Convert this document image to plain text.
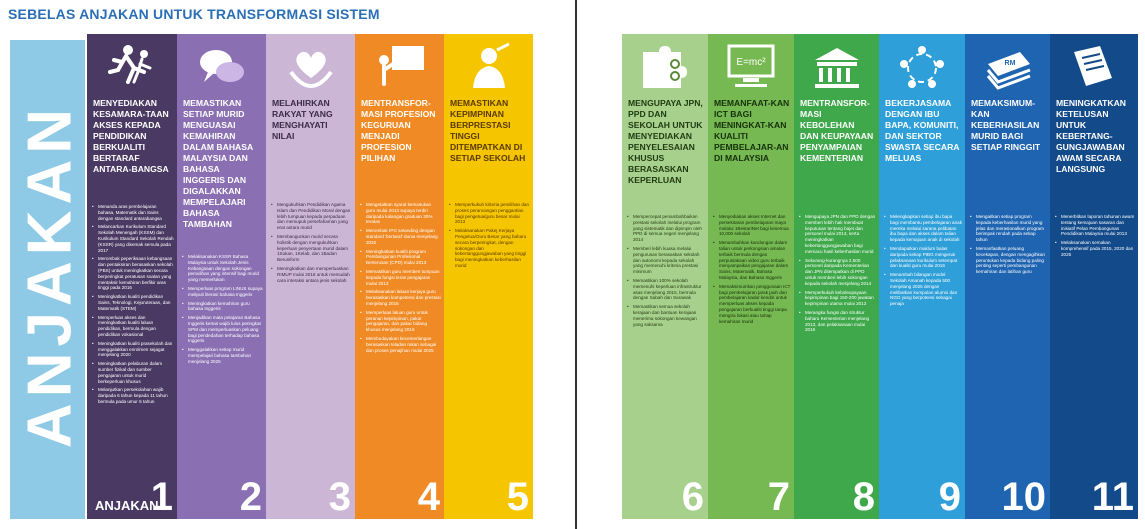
SEBELAS ANJAKAN UNTUK TRANSFORMASI SISTEM
ANJAKAN MENYEDIAKAN KESAMARA-TAAN AKSES KEPADA PENDIDIKAN BERKUALITI BERTARAF ANTARA-BANGSA
• Menanda aras pembelajaran bahasa, Matematik dan Sains dengan standard antarabangsa
• Melancarkan Kurikulum Standard Sekolah Menengah (KSSM) dan Kurikulum Standard Sekolah Rendah (KSSR) yang disemak semula pada 2017
• Merombak peperiksaan kebangsaan dan pentaksiran berasaskan sekolah (PBS) untuk meningkatkan secara berperingkat peratusan soalan yang mentaksir kemahiran berfikir aras tinggi pada 2016
• Meningkatkan kualiti pendidikan Sains, Teknologi, Kejuruteraan, dan Matematik (STEM)
• Memperluas akses dan meningkatkan kualiti laluan pendidikan, bermula dengan pendidikan vokasional
• Meningkatkan kualiti prasekolah dan menggalakkan enrolmen sejagat menjelang 2020
• Meningkatkan pelaburan dalam sumber fizikal dan sumber pengajaran untuk murid berkeperluan khusus
• Melanjutkan persekolahan wajib daripada 6 tahun kepada 11 tahun bermula pada umur 6 tahun
ANJAKAN
1
MEMASTIKAN SETIAP MURID MENGUASAI KEMAHIRAN DALAM BAHASA MALAYSIA DAN BAHASA INGGERIS DAN DIGALAKKAN MEMPELAJARI BAHASA TAMBAHAN
• Melaksanakan KSSR Bahasa Malaysia untuk Sekolah Jenis Kebangsaan dengan sokongan pemulihan yang intensif bagi murid yang memerlukan
• Memperluas program LINUS supaya meliputi literasi bahasa Inggeris
• Meningkatkan kemahiran guru bahasa Inggeris
• Menjadikan mata pelajaran Bahasa Inggeris kertas wajib lulus peringkat SPM dan memperluaskan peluang bagi pendedahan terhadap bahasa Inggeris
• Menggalakkan setiap murid mempelajari bahasa tambahan menjelang 2025
2
MELAHIRKAN RAKYAT YANG MENGHAYATI NILAI
• Mengukuhkan Pendidikan Agama Islam dan Pendidikan Moral dengan lebih tumpuan kepada perpaduan dan memupuk persefahaman yang erat antara murid
• Membangunkan murid secara holistik dengan mengukuhkan keperluan penyertaan murid dalam 1Sukan, 1Kelab, dan 1Badan Beruniform
• Meningkatkan dan memperluaskan RIMUP mulai 2016 untuk memudah cara interaksi antara jenis sekolah
3
MENTRANSFOR-MASI PROFESION KEGURUAN MENJADI PROFESION PILIHAN
• Mengetatkan syarat kemasukan guru mulai 2013 supaya terdiri daripada kalangan graduan 30% teratas
• Merombak IPG setanding dengan standard 'bertaraf' dunia menjelang 2020
• Meningkatkan kualiti program Pembangunan Profesional Berterusan (CPD) mulai 2013
• Memastikan guru memberi tumpuan kepada fungsi teras pengajaran mulai 2013
• Melaksanakan laluan kerjaya guru berasaskan kompetensi dan prestasi menjelang 2016
• Memperluas laluan guru untuk peranan kepimpinan, pakar pengajaran, dan pakar bidang khusus menjelang 2016
• Membudayakan kecemerlangan berasaskan teladan rakan sebagai dan proses penajihan mulai 2025
4
MEMASTIKAN KEPIMPINAN BERPRESTASI TINGGI DITEMPATKAN DI SETIAP SEKOLAH
• Memperkukuh kriteria pemilihan dan proses perancangan penggantian bagi pengetua/guru besar mulai 2013
• Melaksanakan Pakej Kerjaya Pengetua/Guru Besar yang baharu secara berperingkat, dengan sokongan dan kebertanggungjawaban yang tinggi bagi meningkatkan keberhasilan murid
5
MENGUPAYA JPN, PPD DAN SEKOLAH UNTUK MENYEDIAKAN PENYELESAIAN KHUSUS BERASASKAN KEPERLUAN
• Mempercepat penambahbaikan prestasi sekolah melalui program yang sistematik dan dipimpin oleh PPD di semua negeri menjelang 2014
• Memberi lebih kuasa melalui pengurusan berasaskan sekolah dan autonomi kepada sekolah yang memenuhi kriteria prestasi minimum
• Memastikan 100% sekolah memenuhi keperluan infrastruktur asas menjelang 2015, bermula dengan Sabah dan Sarawak
• Memastikan semua sekolah kerajaan dan bantuan kerajaan menerima sokongan kewangan yang saksama
6
E=mc²
MEMANFAAT-KAN ICT BAGI MENINGKAT-KAN KUALITI PEMBELAJAR-AN DI MALAYSIA
• Menyediakan akses Internet dan persekitaran pembelajaran maya melalui 1BestariNet bagi kesemua 10,000 sekolah
• Menambahkan kandungan dalam talian untuk perkongsian amalan terbaik bermula dengan perpustakaan video guru terbaik menyampaikan pengajaran dalam Sains, Matematik, Bahasa Malaysia, dan Bahasa Inggeris
• Memaksimumkan penggunaan ICT bagi pembelajaran jarak jauh dan pembelajaran kadar kendiri untuk memperluas akses kepada pengajaran berkualiti tinggi tanpa mengira lokasi atau tahap kemahiran murid
7
MENTRANSFOR-MASI KEBOLEHAN DAN KEUPAYAAN PENYAMPAIAN KEMENTERIAN
• Mengupaya JPN dan PPD dengan memberi lebih hak membuat keputusan tentang bajet dan personel mulai 2013, serta meningkatkan kebertanggungjawaban bagi memacu hasil keberhasilan murid
• Sekurang-kurangnya 2,500 personel daripada Kementerian dan JPN ditempatkan di PPD untuk memberi lebih sokongan kepada sekolah menjelang 2014
• Memperkukuh keboleupayaan kepimpinan bagi 150-200 jawatan kepimpinan utama mulai 2013
• Merangka fungsi dan struktur baharu Kementerian menjelang 2013, dan pelaksanaan mulai 2016
8
BEKERJASAMA DENGAN IBU BAPA, KOMUNITI, DAN SEKTOR SWASTA SECARA MELUAS
• Melengkapkan setiap ibu bapa bagi membantu pembelajaran anak mereka melalui sarana pelibatan ibu bapa dan akses dalam talian kepada kemajuan anak di sekolah
• Mendapatkan maklum balas daripada setiap PIBG mengenai pelaksanaan kurikulum setempat dan kualiti guru mulai 2016
• Menambah bilangan model Sekolah Amanah kepada 500 menjelang 2025 dengan melibatkan kumpulan alumni dan NGO yang berpotensi sebagai penaja
9
RM
MEMAKSIMUM-KAN KEBERHASILAN MURID BAGI SETIAP RINGGIT
• Mengaitkan setiap program kepada keberhasilan murid yang jelas dan merasionalkan program berimpak rendah pada setiap tahun
• Memanfaatkan peluang kecekapan, dengan mengagihkan peruntukan kepada bidang paling penting seperti pembangunan kemahiran dan latihan guru
10
MENINGKATKAN KETELUSAN UNTUK KEBERTANG-GUNGJAWABAN AWAM SECARA LANGSUNG
• Menerbitkan laporan tahunan awam tentang kemajuan sasaran dan inisiatif Pelan Pembangunan Pendidikan Malaysia mulai 2013
• Melaksanakan semakan komprehensif pada 2015, 2020 dan 2025
11
